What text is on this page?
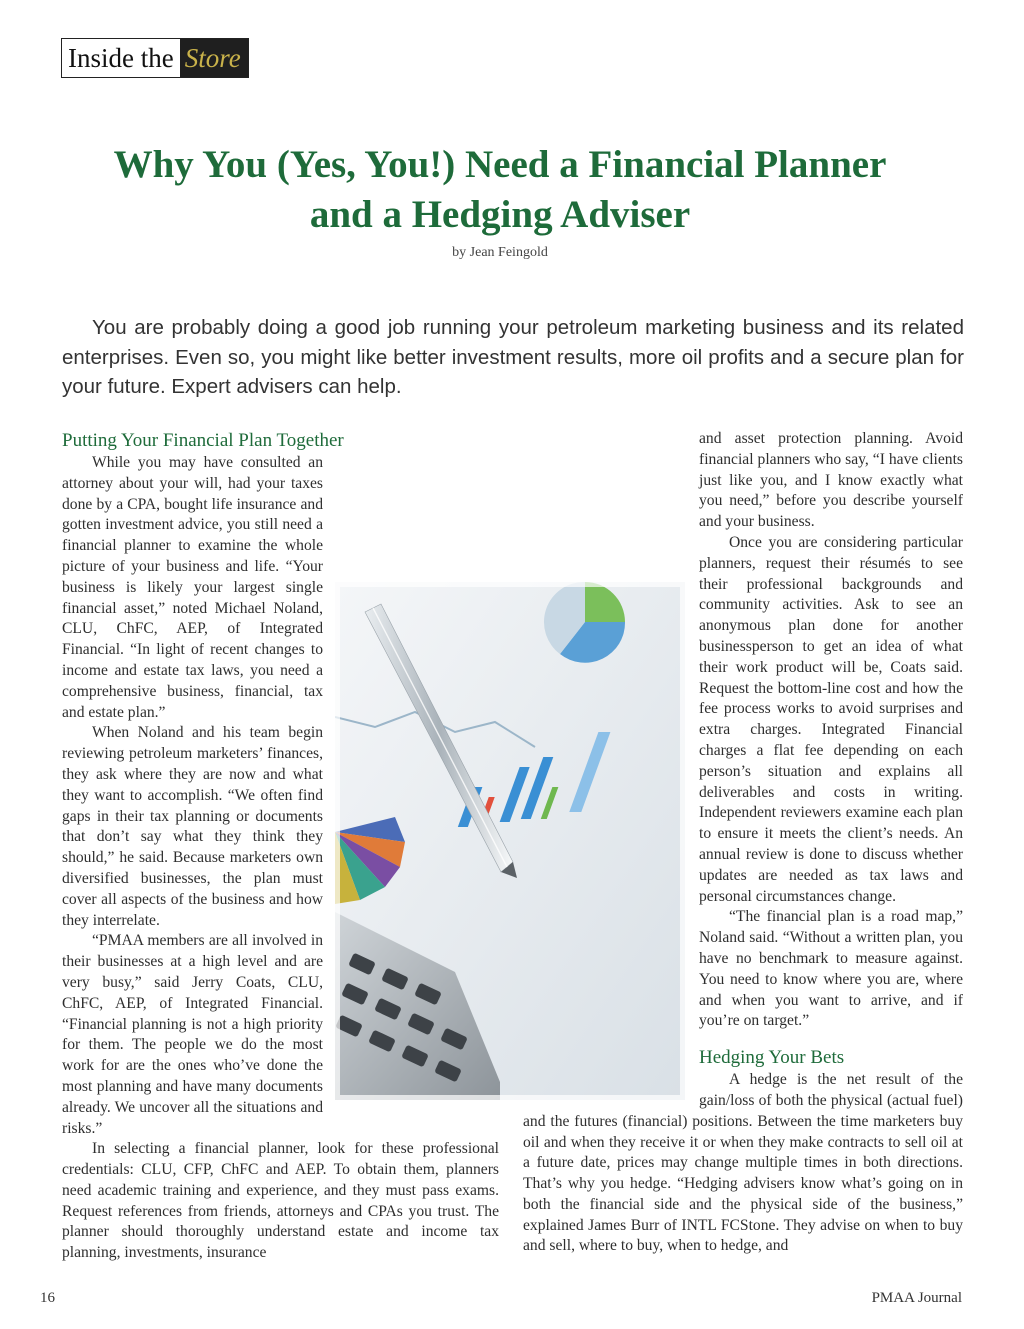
Inside the Store
Why You (Yes, You!) Need a Financial Planner
and a Hedging Adviser
by Jean Feingold
You are probably doing a good job running your petroleum marketing business and its related enterprises. Even so, you might like better investment results, more oil profits and a secure plan for your future. Expert advisers can help.
Putting Your Financial Plan Together

While you may have consulted an attorney about your will, had your taxes done by a CPA, bought life insurance and gotten investment advice, you still need a financial planner to examine the whole picture of your business and life. “Your business is likely your largest single financial asset,” noted Michael Noland, CLU, ChFC, AEP, of Integrated Financial. “In light of recent changes to income and estate tax laws, you need a comprehensive business, financial, tax and estate plan.”

When Noland and his team begin reviewing petroleum marketers’ finances, they ask where they are now and what they want to accomplish. “We often find gaps in their tax planning or documents that don’t say what they think they should,” he said. Because marketers own diversified businesses, the plan must cover all aspects of the business and how they interrelate.

“PMAA members are all involved in their businesses at a high level and are very busy,” said Jerry Coats, CLU, ChFC, AEP, of Integrated Financial. “Financial planning is not a high priority for them. The people we do the most work for are the ones who’ve done the most planning and have many documents already. We uncover all the situations and risks.”

In selecting a financial planner, look for these professional credentials: CLU, CFP, ChFC and AEP. To obtain them, planners need academic training and experience, and they must pass exams. Request references from friends, attorneys and CPAs you trust. The planner should thoroughly understand estate and income tax planning, investments, insurance

and asset protection planning. Avoid financial planners who say, “I have clients just like you, and I know exactly what you need,” before you describe yourself and your business.

Once you are considering particular planners, request their résumés to see their professional backgrounds and community activities. Ask to see an anonymous plan done for another businessperson to get an idea of what their work product will be, Coats said. Request the bottom-line cost and how the fee process works to avoid surprises and extra charges. Integrated Financial charges a flat fee depending on each person’s situation and explains all deliverables and costs in writing. Independent reviewers examine each plan to ensure it meets the client’s needs. An annual review is done to discuss whether updates are needed as tax laws and personal circumstances change.

“The financial plan is a road map,” Noland said. “Without a written plan, you have no benchmark to measure against. You need to know where you are, where and when you want to arrive, and if you’re on target.”

Hedging Your Bets

A hedge is the net result of the gain/loss of both the physical (actual fuel) and the futures (financial) positions. Between the time marketers buy oil and when they receive it or when they make contracts to sell oil at a future date, prices may change multiple times in both directions. That’s why you hedge. “Hedging advisers know what’s going on in both the financial side and the physical side of the business,” explained James Burr of INTL FCStone. They advise on when to buy and sell, where to buy, when to hedge, and

16	PMAA Journal
